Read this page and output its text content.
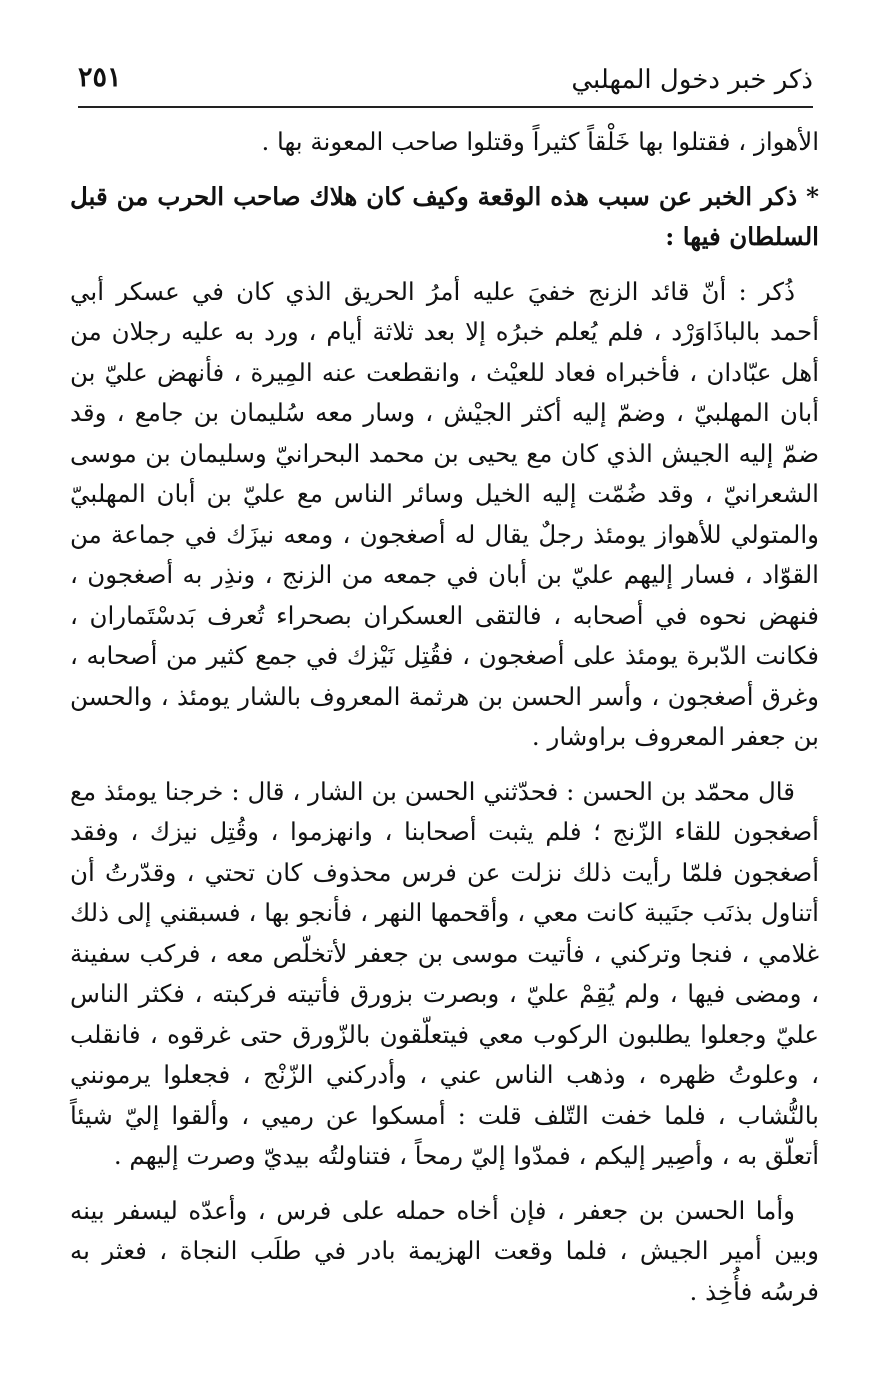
ذكر خبر دخول المهلبي
٢٥١

الأهواز ، فقتلوا بها خَلْقاً كثيراً وقتلوا صاحب المعونة بها .

* ذكر الخبر عن سبب هذه الوقعة وكيف كان هلاك صاحب الحرب من قبل السلطان فيها :

ذُكر : أنّ قائد الزنج خفيَ عليه أمرُ الحريق الذي كان في عسكر أبي أحمد بالباذَاوَرْد ، فلم يُعلم خبرُه إلا بعد ثلاثة أيام ، ورد به عليه رجلان من أهل عبّادان ، فأخبراه فعاد للعيْث ، وانقطعت عنه المِيرة ، فأنهض عليّ بن أبان المهلبيّ ، وضمّ إليه أكثر الجيْش ، وسار معه سُليمان بن جامع ، وقد ضمّ إليه الجيش الذي كان مع يحيى بن محمد البحرانيّ وسليمان بن موسى الشعرانيّ ، وقد ضُمّت إليه الخيل وسائر الناس مع عليّ بن أبان المهلبيّ والمتولي للأهواز يومئذ رجلٌ يقال له أصغجون ، ومعه نيزَك في جماعة من القوّاد ، فسار إليهم عليّ بن أبان في جمعه من الزنج ، ونذِر به أصغجون ، فنهض نحوه في أصحابه ، فالتقى العسكران بصحراء تُعرف بَدسْتَماران ، فكانت الدّبرة يومئذ على أصغجون ، فقُتِل نَيْزك في جمع كثير من أصحابه ، وغرق أصغجون ، وأسر الحسن بن هرثمة المعروف بالشار يومئذ ، والحسن بن جعفر المعروف براوشار .

قال محمّد بن الحسن : فحدّثني الحسن بن الشار ، قال : خرجنا يومئذ مع أصغجون للقاء الزّنج ؛ فلم يثبت أصحابنا ، وانهزموا ، وقُتِل نيزك ، وفقد أصغجون فلمّا رأيت ذلك نزلت عن فرس محذوف كان تحتي ، وقدّرتُ أن أتناول بذنَب جنَيبة كانت معي ، وأقحمها النهر ، فأنجو بها ، فسبقني إلى ذلك غلامي ، فنجا وتركني ، فأتيت موسى بن جعفر لأتخلّص معه ، فركب سفينة ، ومضى فيها ، ولم يُقِمْ عليّ ، وبصرت بزورق فأتيته فركبته ، فكثر الناس عليّ وجعلوا يطلبون الركوب معي فيتعلّقون بالزّورق حتى غرقوه ، فانقلب ، وعلوتُ ظهره ، وذهب الناس عني ، وأدركني الزّنْج ، فجعلوا يرمونني بالنُّشاب ، فلما خفت التّلف قلت : أمسكوا عن رميي ، وألقوا إليّ شيئاً أتعلّق به ، وأصِير إليكم ، فمدّوا إليّ رمحاً ، فتناولتُه بيديّ وصرت إليهم .

وأما الحسن بن جعفر ، فإن أخاه حمله على فرس ، وأعدّه ليسفر بينه وبين أمير الجيش ، فلما وقعت الهزيمة بادر في طلَب النجاة ، فعثر به فرسُه فأُخِذ .
